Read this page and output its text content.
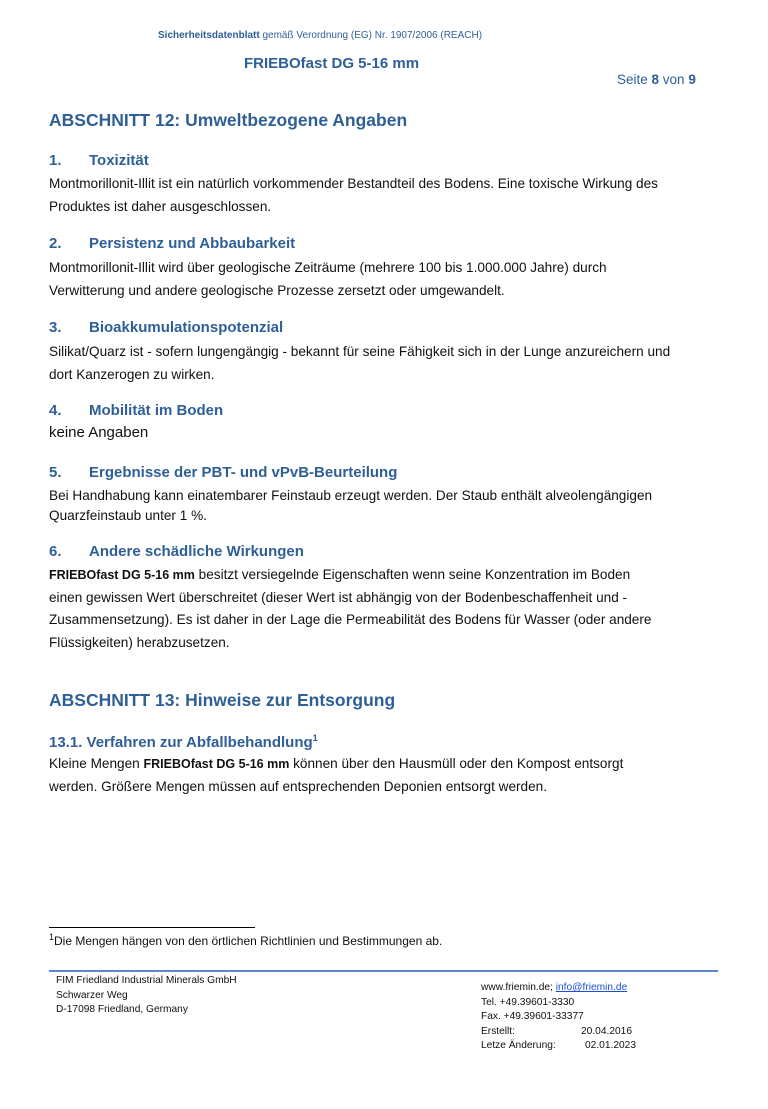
Sicherheitsdatenblatt gemäß Verordnung (EG) Nr. 1907/2006 (REACH)
FRIEBOfast DG 5-16 mm
Seite 8 von 9
ABSCHNITT 12: Umweltbezogene Angaben
1. Toxizität
Montmorillonit-Illit ist ein natürlich vorkommender Bestandteil des Bodens. Eine toxische Wirkung des
Produktes ist daher ausgeschlossen.
2. Persistenz und Abbaubarkeit
Montmorillonit-Illit wird über geologische Zeiträume (mehrere 100 bis 1.000.000 Jahre) durch
Verwitterung und andere geologische Prozesse zersetzt oder umgewandelt.
3. Bioakkumulationspotenzial
Silikat/Quarz ist - sofern lungengängig - bekannt für seine Fähigkeit sich in der Lunge anzureichern und
dort Kanzerogen zu wirken.
4. Mobilität im Boden
keine Angaben
5. Ergebnisse der PBT- und vPvB-Beurteilung
Bei Handhabung kann einatembarer Feinstaub erzeugt werden. Der Staub enthält alveolengängigen
Quarzfeinstaub unter 1 %.
6. Andere schädliche Wirkungen
FRIEBOfast DG 5-16 mm besitzt versiegelnde Eigenschaften wenn seine Konzentration im Boden
einen gewissen Wert überschreitet (dieser Wert ist abhängig von der Bodenbeschaffenheit und -
Zusammensetzung). Es ist daher in der Lage die Permeabilität des Bodens für Wasser (oder andere
Flüssigkeiten) herabzusetzen.
ABSCHNITT 13: Hinweise zur Entsorgung
13.1. Verfahren zur Abfallbehandlung$^1$
Kleine Mengen FRIEBOfast DG 5-16 mm können über den Hausmüll oder den Kompost entsorgt
werden. Größere Mengen müssen auf entsprechenden Deponien entsorgt werden.
$^1$Die Mengen hängen von den örtlichen Richtlinien und Bestimmungen ab.
FIM Friedland Industrial Minerals GmbH
Schwarzer Weg
D-17098 Friedland, Germany
www.friemin.de; info@friemin.de
Tel. +49.39601-3330
Fax. +49.39601-33377
Erstellt:	20.04.2016
Letze Änderung:	02.01.2023
